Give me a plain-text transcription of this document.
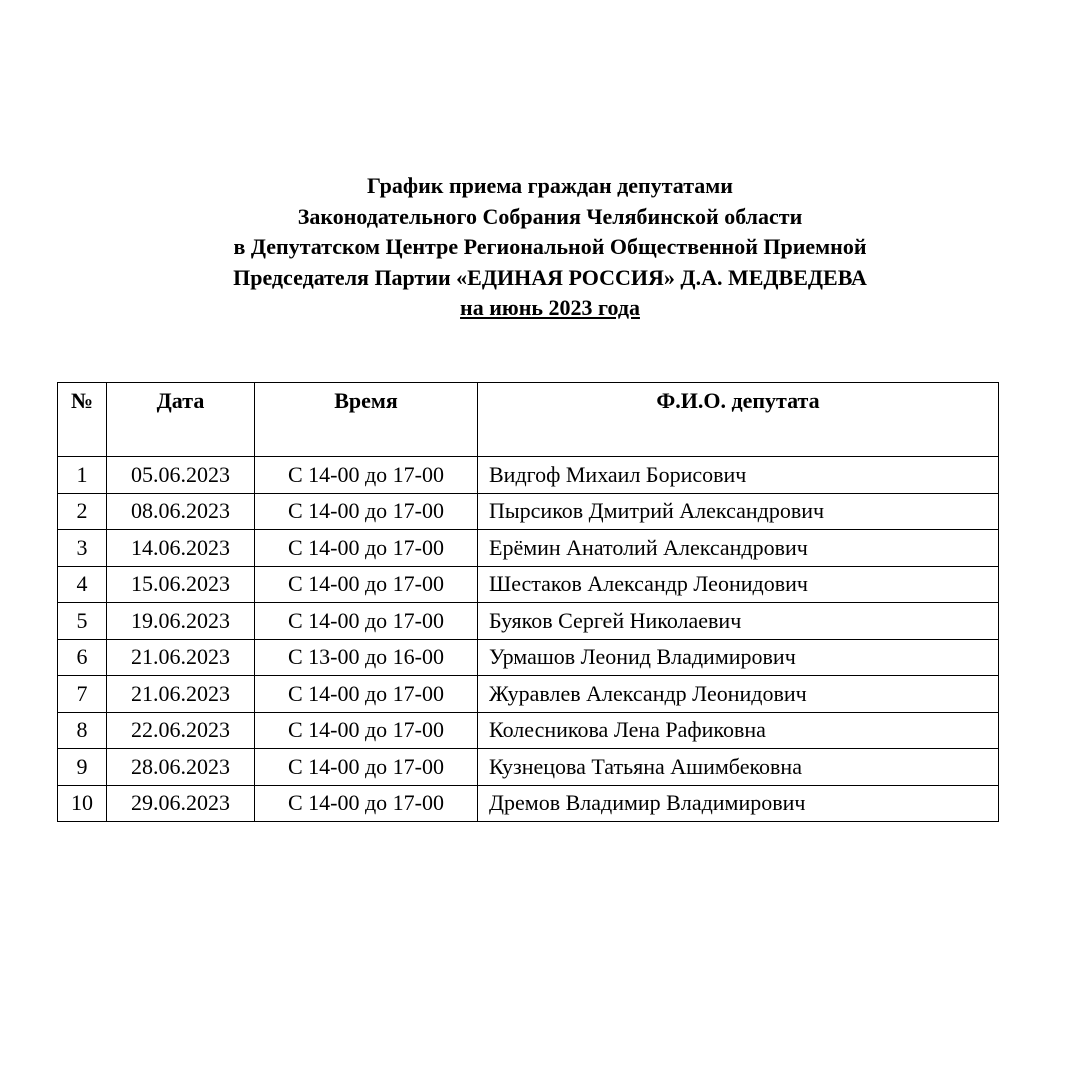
График приема граждан депутатами
Законодательного Собрания Челябинской области
в Депутатском Центре Региональной Общественной Приемной
Председателя Партии «ЕДИНАЯ РОССИЯ» Д.А. МЕДВЕДЕВА
на июнь 2023 года
№	Дата	Время	Ф.И.О. депутата
1	05.06.2023	С 14-00 до 17-00	Видгоф Михаил Борисович
2	08.06.2023	С 14-00 до 17-00	Пырсиков Дмитрий Александрович
3	14.06.2023	С 14-00 до 17-00	Ерёмин Анатолий Александрович
4	15.06.2023	С 14-00 до 17-00	Шестаков Александр Леонидович
5	19.06.2023	С 14-00 до 17-00	Буяков Сергей Николаевич
6	21.06.2023	С 13-00 до 16-00	Урмашов Леонид Владимирович
7	21.06.2023	С 14-00 до 17-00	Журавлев Александр Леонидович
8	22.06.2023	С 14-00 до 17-00	Колесникова Лена Рафиковна
9	28.06.2023	С 14-00 до 17-00	Кузнецова Татьяна Ашимбековна
10	29.06.2023	С 14-00 до 17-00	Дремов Владимир Владимирович
